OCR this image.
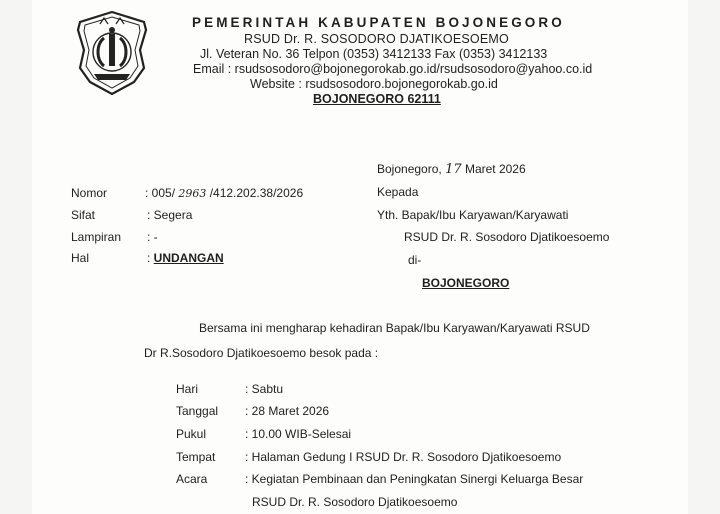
PEMERINTAH KABUPATEN BOJONEGORO
RSUD Dr. R. SOSODORO DJATIKOESOEMO
Jl. Veteran No. 36 Telpon (0353) 3412133 Fax (0353) 3412133
Email : rsudsosodoro@bojonegorokab.go.id/rsudsosodoro@yahoo.co.id
Website : rsudsosodoro.bojonegorokab.go.id
BOJONEGORO 62111
Bojonegoro, 17 Maret 2026
Nomor	: 005/ 2963 /412.202.38/2026
Sifat	: Segera
Lampiran : -
Hal	: UNDANGAN
Kepada
Yth. Bapak/Ibu Karyawan/Karyawati
RSUD Dr. R. Sosodoro Djatikoesoemo
di-
BOJONEGORO
Bersama ini mengharap kehadiran Bapak/Ibu Karyawan/Karyawati RSUD
Dr R.Sosodoro Djatikoesoemo besok pada :
Hari	: Sabtu
Tanggal : 28 Maret 2026
Pukul	: 10.00 WIB-Selesai
Tempat : Halaman Gedung I RSUD Dr. R. Sosodoro Djatikoesoemo
Acara	: Kegiatan Pembinaan dan Peningkatan Sinergi Keluarga Besar
RSUD Dr. R. Sosodoro Djatikoesoemo
